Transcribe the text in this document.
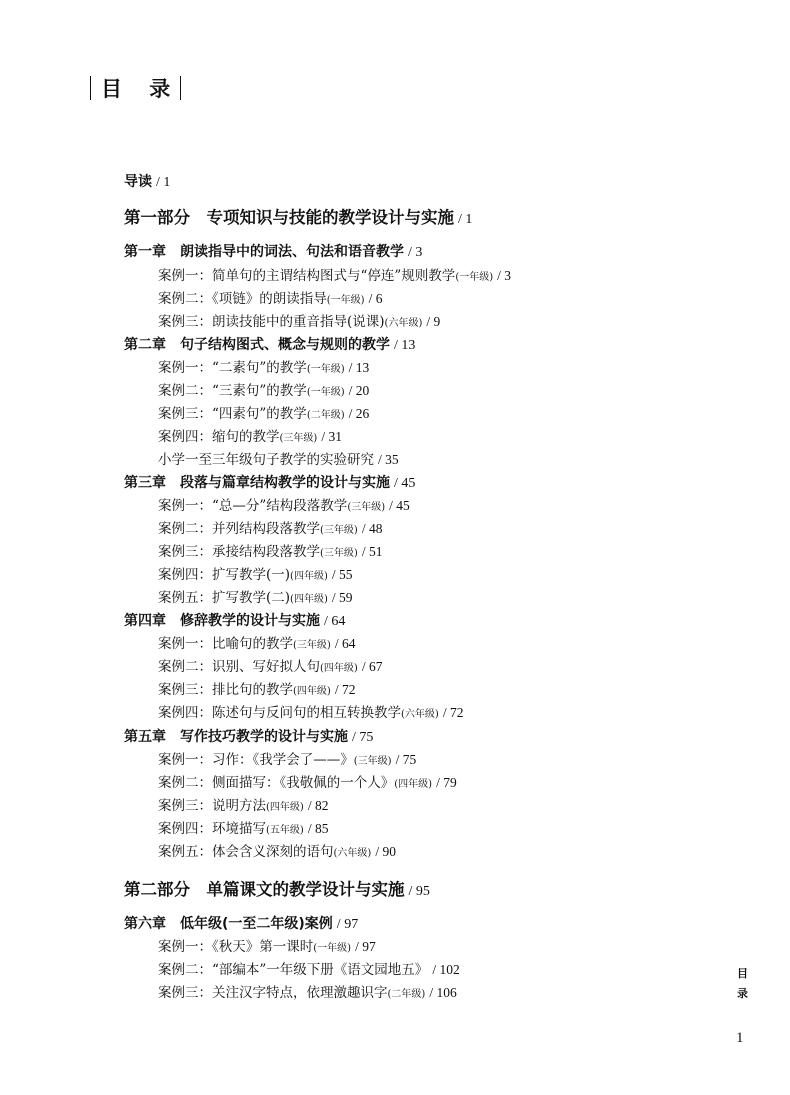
目 录
导读 / 1
第一部分　专项知识与技能的教学设计与实施 / 1
第一章　朗读指导中的词法、句法和语音教学 / 3
案例一：简单句的主谓结构图式与“停连”规则教学(一年级) / 3
案例二：《项链》的朗读指导(一年级) / 6
案例三：朗读技能中的重音指导(说课)(六年级) / 9
第二章　句子结构图式、概念与规则的教学 / 13
案例一：“二素句”的教学(一年级) / 13
案例二：“三素句”的教学(一年级) / 20
案例三：“四素句”的教学(二年级) / 26
案例四：缩句的教学(三年级) / 31
小学一至三年级句子教学的实验研究 / 35
第三章　段落与篇章结构教学的设计与实施 / 45
案例一：“总—分”结构段落教学(三年级) / 45
案例二：并列结构段落教学(三年级) / 48
案例三：承接结构段落教学(三年级) / 51
案例四：扩写教学(一)(四年级) / 55
案例五：扩写教学(二)(四年级) / 59
第四章　修辞教学的设计与实施 / 64
案例一：比喻句的教学(三年级) / 64
案例二：识别、写好拟人句(四年级) / 67
案例三：排比句的教学(四年级) / 72
案例四：陈述句与反问句的相互转换教学(六年级) / 72
第五章　写作技巧教学的设计与实施 / 75
案例一：习作：《我学会了——》(三年级) / 75
案例二：侧面描写：《我敬佩的一个人》(四年级) / 79
案例三：说明方法(四年级) / 82
案例四：环境描写(五年级) / 85
案例五：体会含义深刻的语句(六年级) / 90
第二部分　单篇课文的教学设计与实施 / 95
第六章　低年级(一至二年级)案例 / 97
案例一：《秋天》第一课时(一年级) / 97
案例二：“部编本”一年级下册《语文园地五》 / 102
案例三：关注汉字特点，依理激趣识字(二年级) / 106
目
录
1
